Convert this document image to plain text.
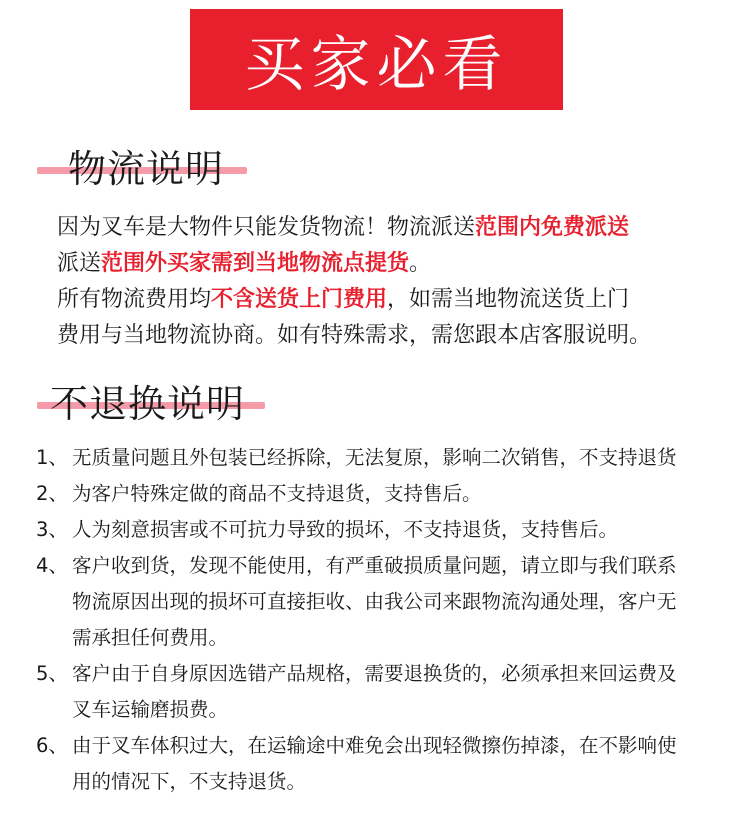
买家必看
物流说明
因为叉车是大物件只能发货物流！物流派送范围内免费派送
派送范围外买家需到当地物流点提货。
所有物流费用均不含送货上门费用，如需当地物流送货上门
费用与当地物流协商。如有特殊需求，需您跟本店客服说明。
不退换说明
1、 无质量问题且外包装已经拆除，无法复原，影响二次销售，不支持退货
2、 为客户特殊定做的商品不支持退货，支持售后。
3、 人为刻意损害或不可抗力导致的损坏，不支持退货，支持售后。
4、 客户收到货，发现不能使用，有严重破损质量问题，请立即与我们联系
物流原因出现的损坏可直接拒收、由我公司来跟物流沟通处理，客户无
需承担任何费用。
5、 客户由于自身原因选错产品规格，需要退换货的，必须承担来回运费及
叉车运输磨损费。
6、 由于叉车体积过大，在运输途中难免会出现轻微擦伤掉漆，在不影响使
用的情况下，不支持退货。
